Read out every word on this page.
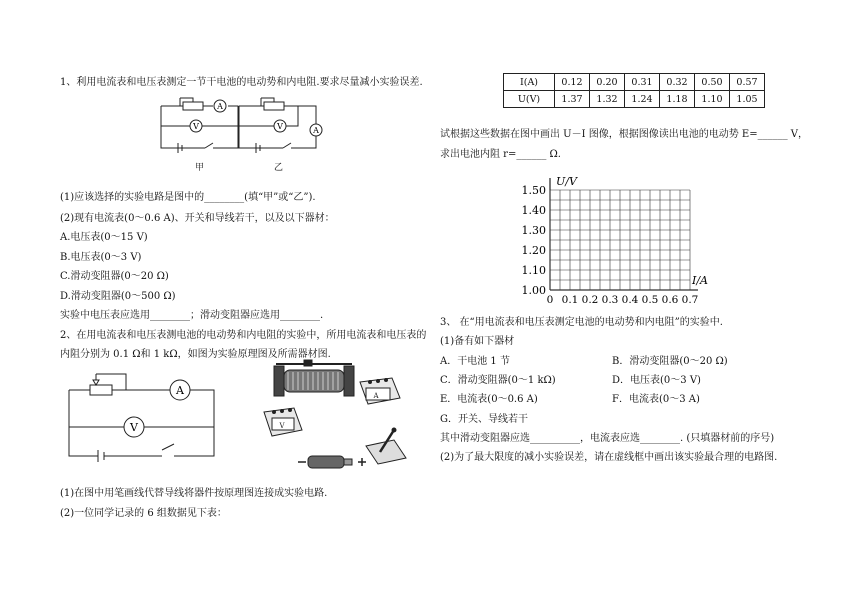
1、利用电流表和电压表测定一节干电池的电动势和内电阻.要求尽量减小实验误差.
A
V
甲
A
V
乙
(1)应该选择的实验电路是图中的________(填“甲”或“乙”).
(2)现有电流表(0～0.6 A)、开关和导线若干，以及以下器材：
A.电压表(0～15 V)
B.电压表(0～3 V)
C.滑动变阻器(0～20 Ω)
D.滑动变阻器(0～500 Ω)
实验中电压表应选用________；滑动变阻器应选用________.
2、在用电流表和电压表测电池的电动势和内电阻的实验中，所用电流表和电压表的
内阻分别为 0.1 Ω和 1 kΩ，如图为实验原理图及所需器材图.
A
V
A
V
(1)在图中用笔画线代替导线将器件按原理图连接成实验电路.
(2)一位同学记录的 6 组数据见下表：
I(A)	0.12	0.20	0.31	0.32	0.50	0.57
U(V)	1.37	1.32	1.24	1.18	1.10	1.05
试根据这些数据在图中画出 U－I 图像，根据图像读出电池的电动势 E=______ V，
求出电池内阻 r=______ Ω.
1.00
1.10
1.20
1.30
1.40
1.50
0 0.1 0.2 0.3 0.4 0.5 0.6 0.7
U/V
I/A
3、 在“用电流表和电压表测定电池的电动势和内电阻”的实验中.
(1)备有如下器材
A．干电池 1 节	B．滑动变阻器(0～20 Ω)
C．滑动变阻器(0～1 kΩ)	D．电压表(0～3 V)
E．电流表(0～0.6 A)	F．电流表(0～3 A)
G．开关、导线若干
其中滑动变阻器应选__________，电流表应选________. (只填器材前的序号)
(2)为了最大限度的减小实验误差，请在虚线框中画出该实验最合理的电路图.
